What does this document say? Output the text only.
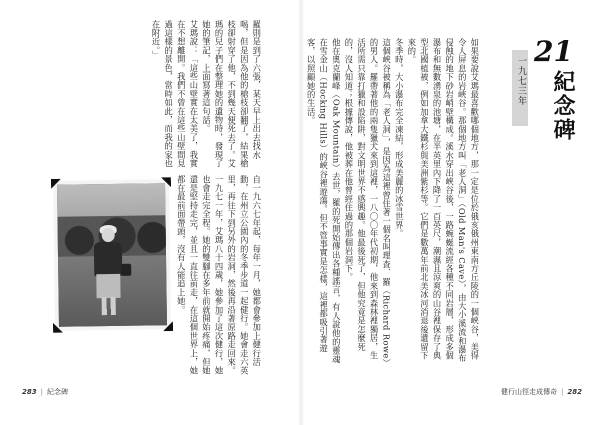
羅則是到了六張，某天早上出去找水喝，但是因為他的槍枝卻翻了，結果槍枝卻射穿了他，不到幾天便死去了。艾瑪的兒子們在整理她的遺物時，發現了她的筆記，上面寫著這句話。
艾瑪說：「這些山壁實在太美了，我實在不想離開。我們不曾在這些山壁間見過這樣的景色，當時如此，而我的家也在附近。」

自一九六七年起，每年一月，她都會參加上健行活動，在州立公園內的冬季步道一起健行。她會走六英里，再往下到另外的岩洞，然後再沿著原路走回來。
一九七一年，艾瑪八十四歲，她參加了這次健行，她也會走完全程。她的雙腳在多年前就開始疼痛，但她還是堅持走完，並且一直往前走，在這個世界上，她都在最前面帶頭，沒有人能追上她。

283 | 紀念碑

如果要說艾瑪最喜歡哪個地方，那一定是位於俄亥俄州東南方丘陵的一個峽谷，美得令人屏息的岩峽谷。那個地方叫「老人洞」（Old Man's Cave），由大小溪流和瀑布侵蝕的地下砂岩峭壁構成。溪水穿出峽谷後，一路蜿蜒流經各種不同岩層，形成多個瀑布和無數湧泉的池塘，在半英里內下降了一百英尺，潮濕且涼爽的山谷裡保存了典型北國植被，例如加拿大鐵杉與美洲紫杉等。它們是數萬年前北美冰河消退後遺留下來的。
冬季時，大小瀑布完全凍結，形成美麗的冰雪世界。
這個峽谷被稱為「老人洞」，是因為這裡曾住著一個名叫理查．羅（Richard Rowe）的男人。羅帶著他的兩隻獵犬來到這裡，一八〇〇年代初期，他來到森林裡獨居，生活所需只靠打獵和設陷阱，對文明世界不感興趣。他最後死了，但他究竟是怎麼死的，沒人知道；根據傳說，他被葬在他曾經住過的那個岩洞下。
他在奧克蘭峰（Oak Mountain）去世，羅的死開始傳出各種謠言，有人說他的靈魂在雪金山（Hocking Hills）的峽谷裡遊蕩。但不管事實是怎樣，這裡都吸引著遊客，以照顧她的生活。

健行山徑走成傳奇 | 282
一九七三年
21
紀念碑
